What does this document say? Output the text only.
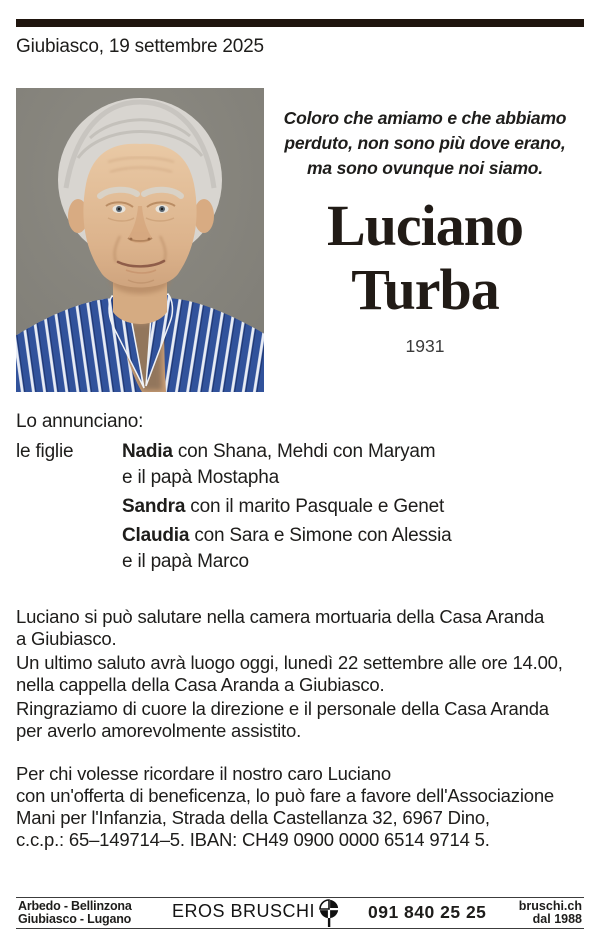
Giubiasco, 19 settembre 2025
Coloro che amiamo e che abbiamo
perduto, non sono più dove erano,
ma sono ovunque noi siamo.
Luciano
Turba
1931
Lo annunciano:
le figlie	Nadia con Shana, Mehdi con Maryam
e il papà Mostapha
Sandra con il marito Pasquale e Genet
Claudia con Sara e Simone con Alessia
e il papà Marco

Luciano si può salutare nella camera mortuaria della Casa Aranda
a Giubiasco.

Un ultimo saluto avrà luogo oggi, lunedì 22 settembre alle ore 14.00,
nella cappella della Casa Aranda a Giubiasco.

Ringraziamo di cuore la direzione e il personale della Casa Aranda
per averlo amorevolmente assistito.

Per chi volesse ricordare il nostro caro Luciano
con un'offerta di beneficenza, lo può fare a favore dell'Associazione
Mani per l'Infanzia, Strada della Castellanza 32, 6967 Dino,
c.c.p.: 65–149714–5. IBAN: CH49 0900 0000 6514 9714 5.

Arbedo - Bellinzona
Giubiasco - Lugano EROS BRUSCHI	091 840 25 25	bruschi.ch
dal 1988
